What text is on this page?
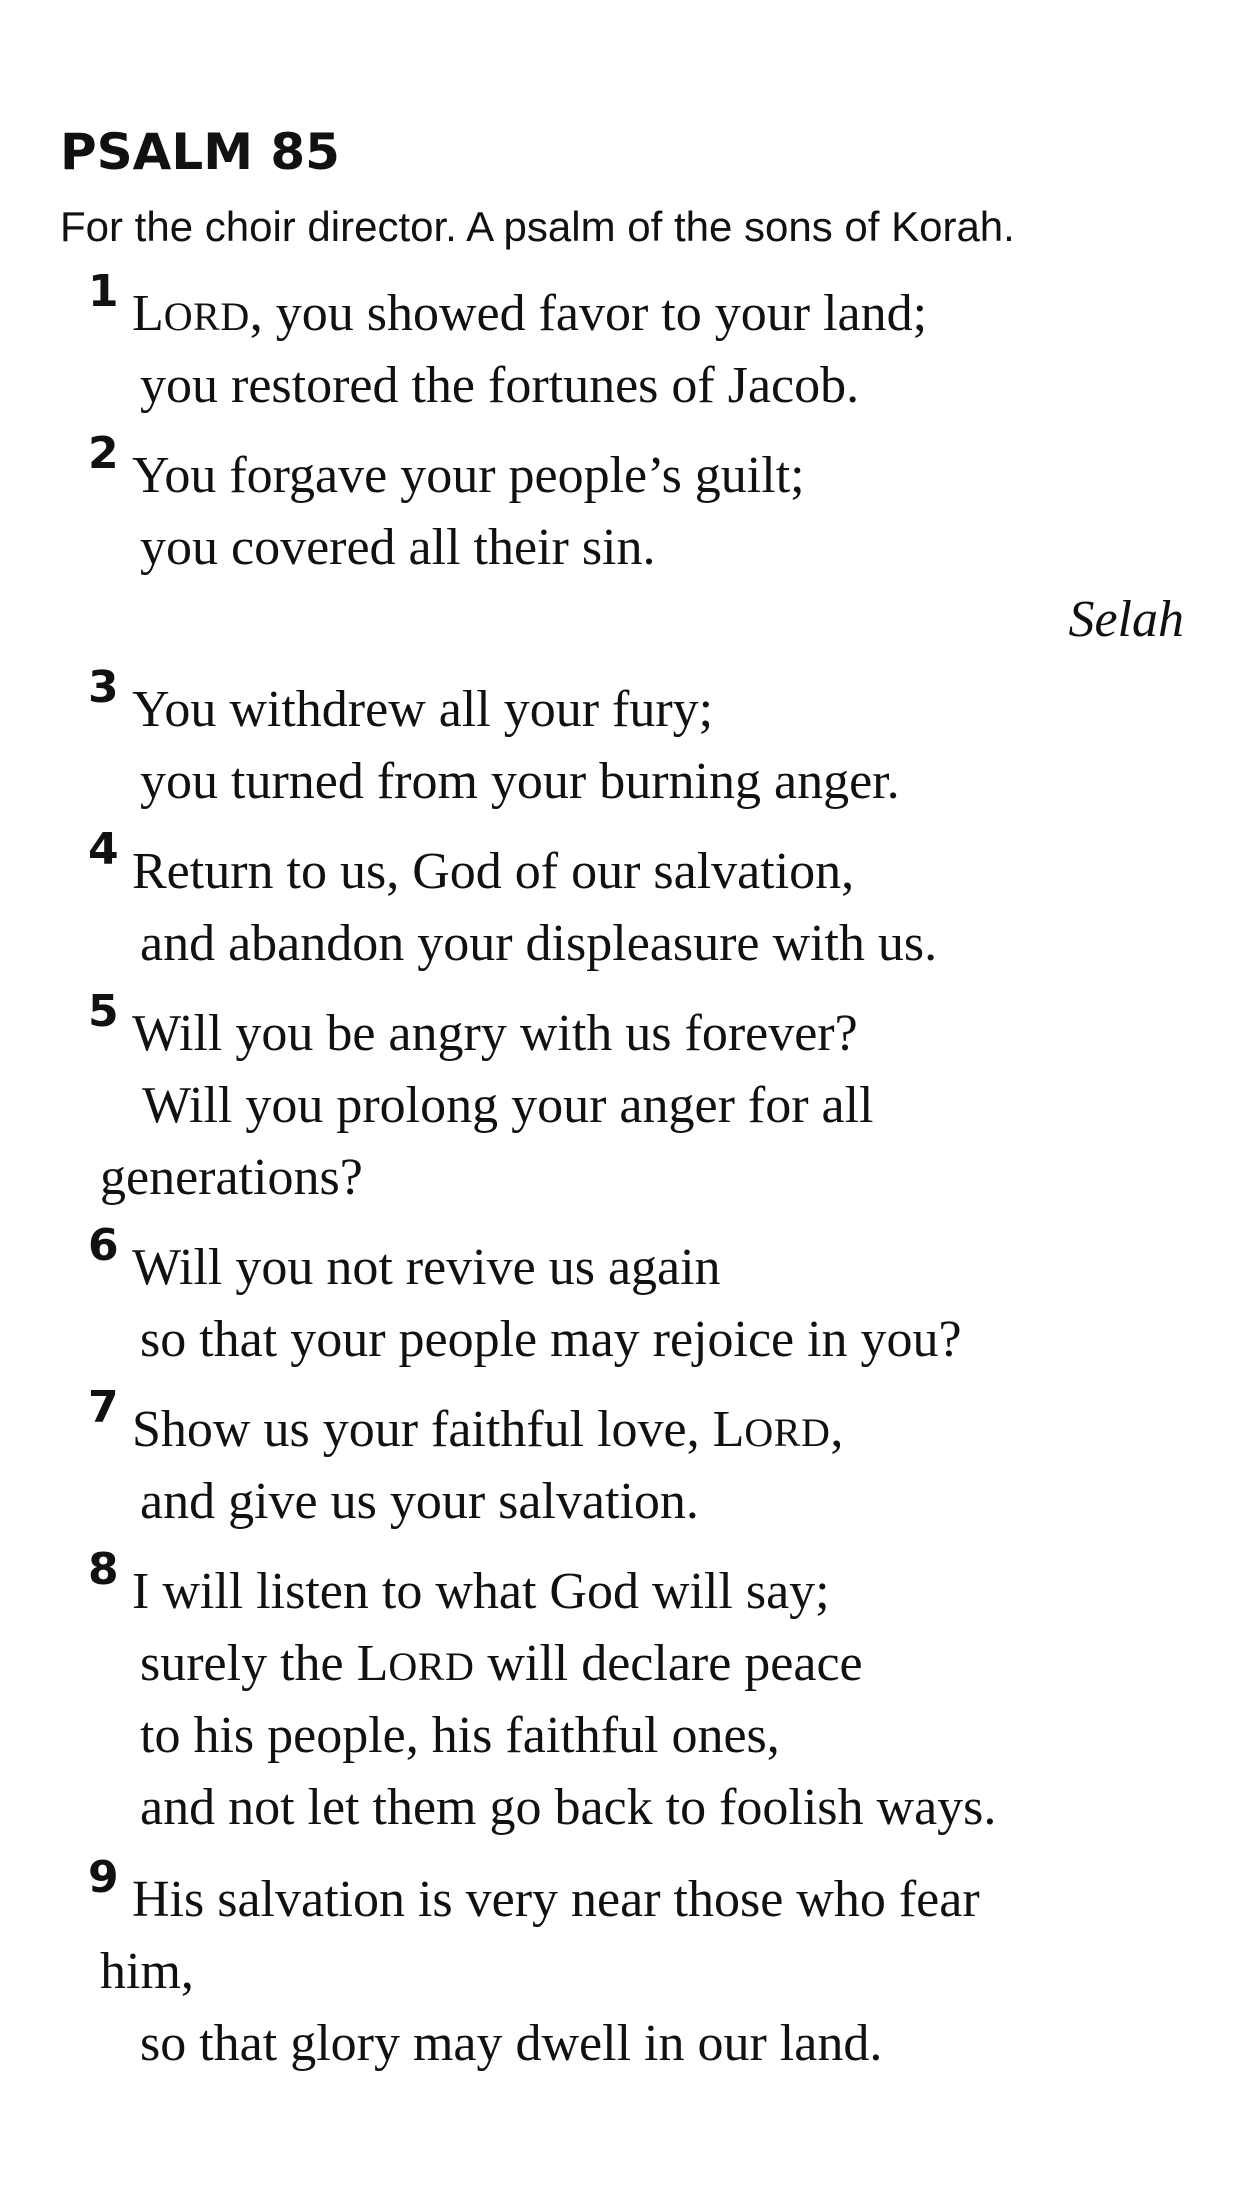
PSALM 85

For the choir director. A psalm of the sons of Korah.

1 LORD, you showed favor to your land;
you restored the fortunes of Jacob.
2 You forgave your people’s guilt;
you covered all their sin.
Selah
3 You withdrew all your fury;
you turned from your burning anger.
4 Return to us, God of our salvation,
and abandon your displeasure with us.
5 Will you be angry with us forever?
Will you prolong your anger for all
generations?
6 Will you not revive us again
so that your people may rejoice in you?
7 Show us your faithful love, LORD,
and give us your salvation.
8 I will listen to what God will say;
surely the LORD will declare peace
to his people, his faithful ones,
and not let them go back to foolish ways.
9 His salvation is very near those who fear
him,
so that glory may dwell in our land.
